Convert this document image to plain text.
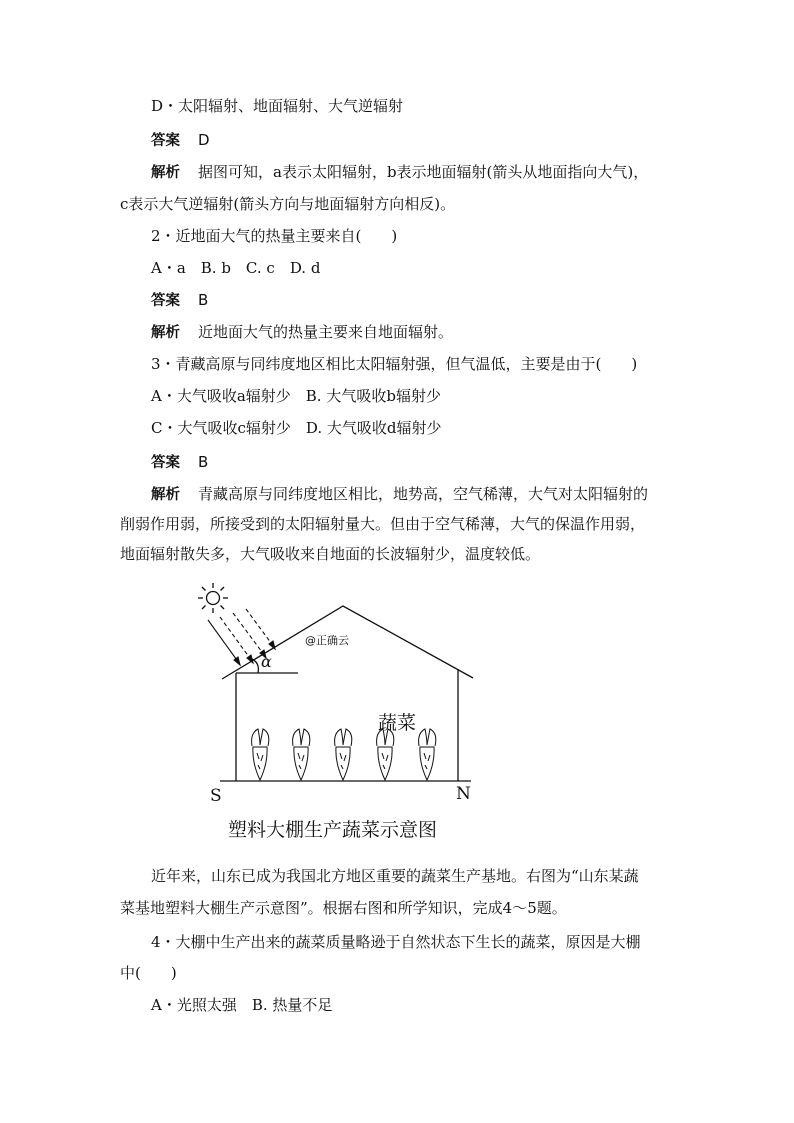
D・太阳辐射、地面辐射、大气逆辐射
答案 D
解析 据图可知，a表示太阳辐射，b表示地面辐射(箭头从地面指向大气)，
c表示大气逆辐射(箭头方向与地面辐射方向相反)。
2・近地面大气的热量主要来自(　　)
A・a　B. b　C. c　D. d
答案 B
解析 近地面大气的热量主要来自地面辐射。
3・青藏高原与同纬度地区相比太阳辐射强，但气温低，主要是由于(　　)
A・大气吸收a辐射少　B. 大气吸收b辐射少
C・大气吸收c辐射少　D. 大气吸收d辐射少
答案 B
解析 青藏高原与同纬度地区相比，地势高，空气稀薄，大气对太阳辐射的
削弱作用弱，所接受到的太阳辐射量大。但由于空气稀薄，大气的保温作用弱，
地面辐射散失多，大气吸收来自地面的长波辐射少，温度较低。
@正确云
α
蔬菜
S	N
塑料大棚生产蔬菜示意图
近年来，山东已成为我国北方地区重要的蔬菜生产基地。右图为“山东某蔬
菜基地塑料大棚生产示意图”。根据右图和所学知识，完成4～5题。
4・大棚中生产出来的蔬菜质量略逊于自然状态下生长的蔬菜，原因是大棚
中(　　)
A・光照太强　B. 热量不足
